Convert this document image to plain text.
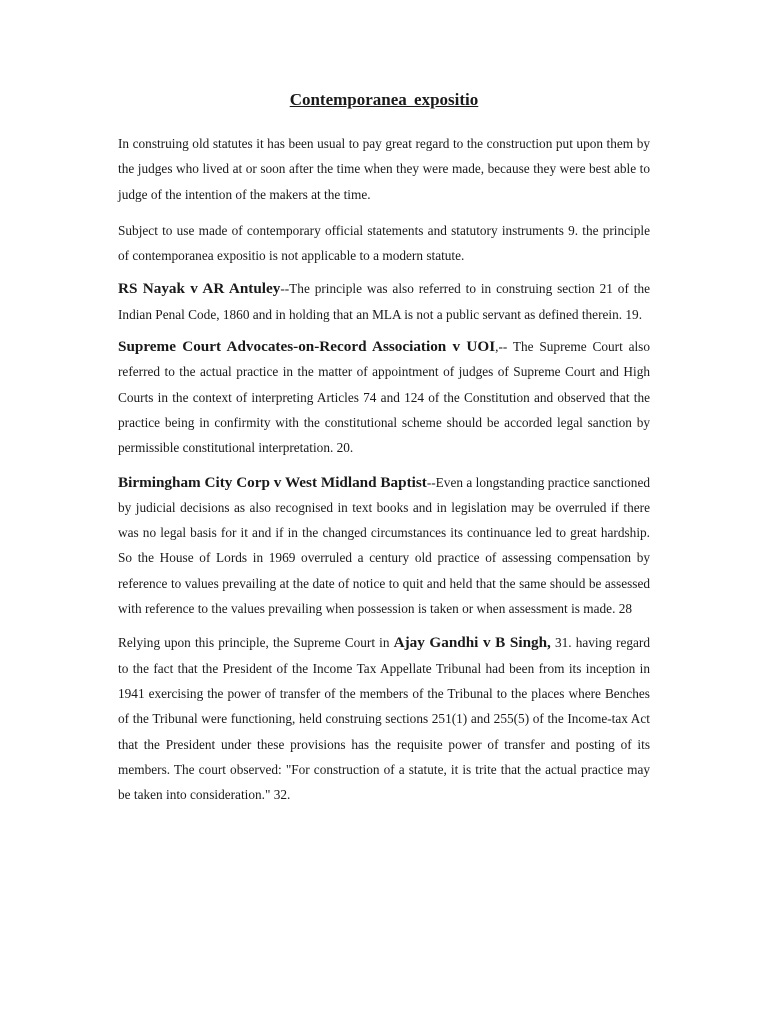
Contemporanea expositio

In construing old statutes it has been usual to pay great regard to the construction put upon them by the judges who lived at or soon after the time when they were made, because they were best able to judge of the intention of the makers at the time.

Subject to use made of contemporary official statements and statutory instruments 9. the principle of contemporanea expositio is not applicable to a modern statute.

RS Nayak v AR Antuley--The principle was also referred to in construing section 21 of the Indian Penal Code, 1860 and in holding that an MLA is not a public servant as defined therein. 19.

Supreme Court Advocates-on-Record Association v UOI,-- The Supreme Court also referred to the actual practice in the matter of appointment of judges of Supreme Court and High Courts in the context of interpreting Articles 74 and 124 of the Constitution and observed that the practice being in confirmity with the constitutional scheme should be accorded legal sanction by permissible constitutional interpretation. 20.

Birmingham City Corp v West Midland Baptist--Even a longstanding practice sanctioned by judicial decisions as also recognised in text books and in legislation may be overruled if there was no legal basis for it and if in the changed circumstances its continuance led to great hardship. So the House of Lords in 1969 overruled a century old practice of assessing compensation by reference to values prevailing at the date of notice to quit and held that the same should be assessed with reference to the values prevailing when possession is taken or when assessment is made. 28

Relying upon this principle, the Supreme Court in Ajay Gandhi v B Singh, 31. having regard to the fact that the President of the Income Tax Appellate Tribunal had been from its inception in 1941 exercising the power of transfer of the members of the Tribunal to the places where Benches of the Tribunal were functioning, held construing sections 251(1) and 255(5) of the Income-tax Act that the President under these provisions has the requisite power of transfer and posting of its members. The court observed: "For construction of a statute, it is trite that the actual practice may be taken into consideration." 32.
